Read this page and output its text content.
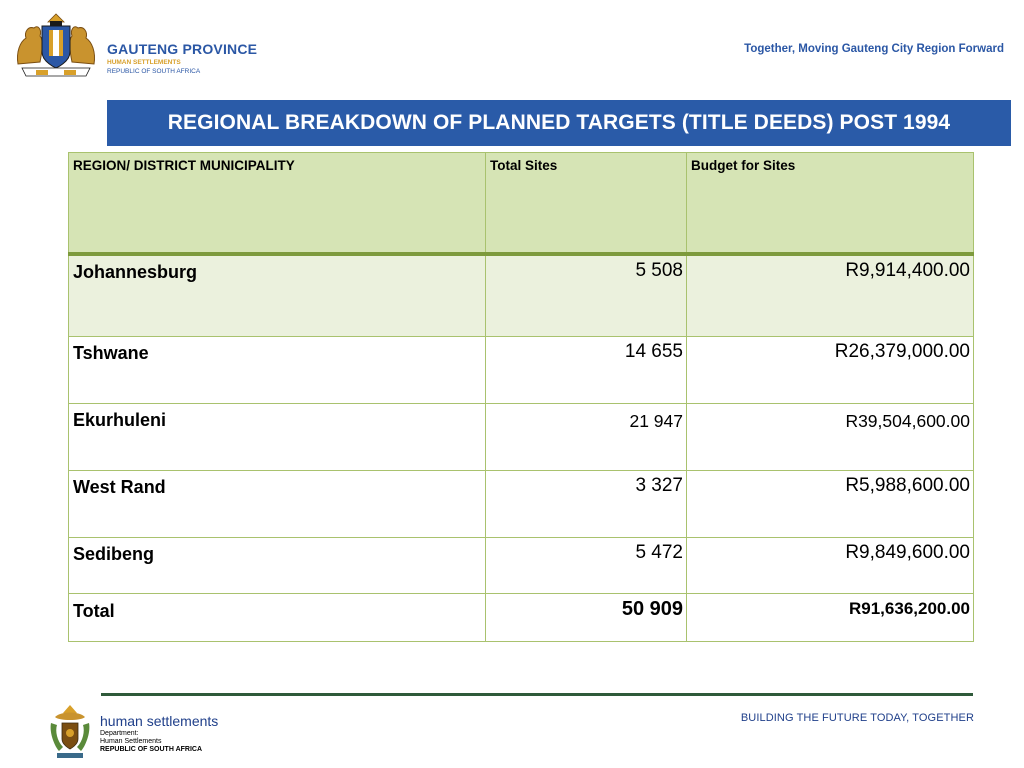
GAUTENG PROVINCE
HUMAN SETTLEMENTS
REPUBLIC OF SOUTH AFRICA
Together, Moving Gauteng City Region Forward
REGIONAL BREAKDOWN OF PLANNED TARGETS (TITLE DEEDS) POST 1994
REGION/ DISTRICT MUNICIPALITY	Total Sites	Budget for Sites
Johannesburg	5 508	R9,914,400.00
Tshwane	14 655	R26,379,000.00
Ekurhuleni	21 947	R39,504,600.00
West Rand	3 327	R5,988,600.00
Sedibeng	5 472	R9,849,600.00
Total	50 909	R91,636,200.00
human settlements
Department:
Human Settlements
REPUBLIC OF SOUTH AFRICA
BUILDING THE FUTURE TODAY, TOGETHER
